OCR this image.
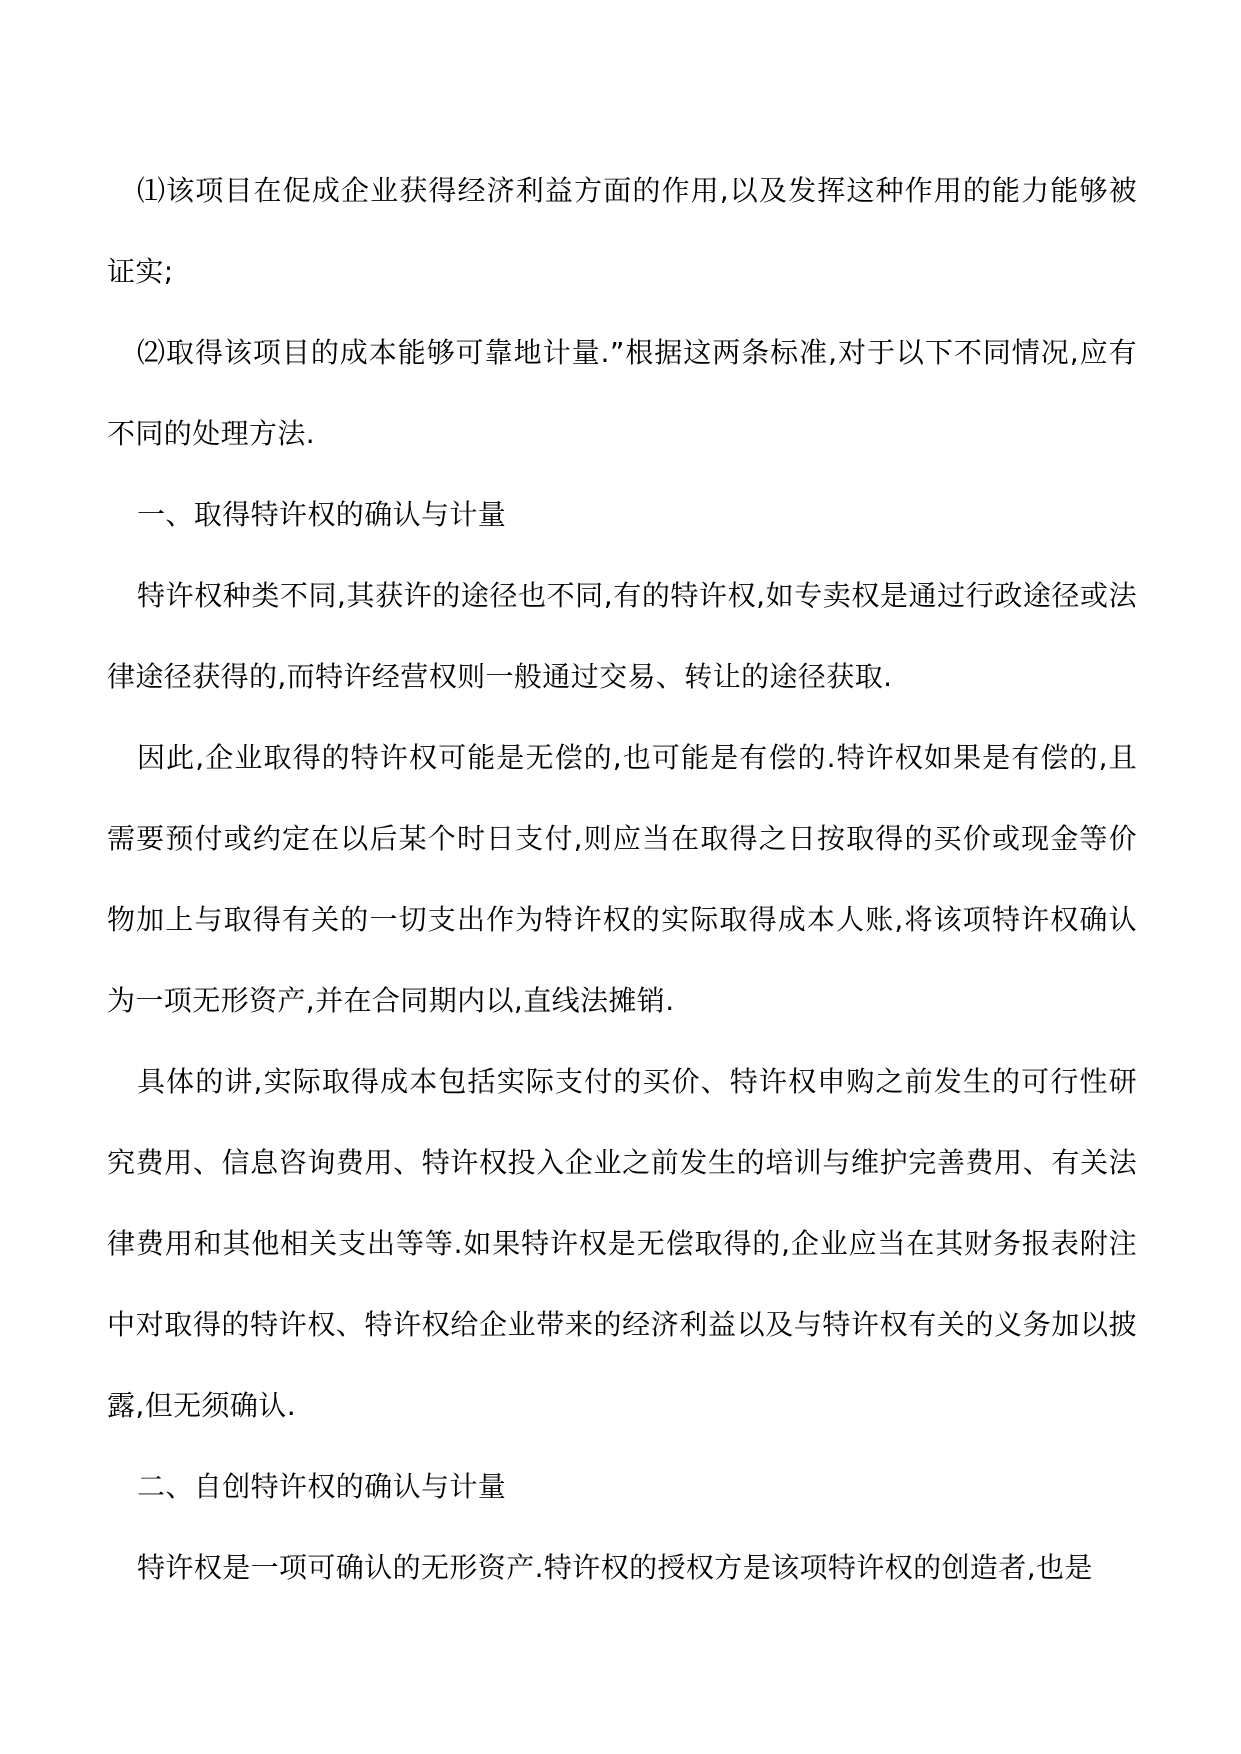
⑴该项目在促成企业获得经济利益方面的作用,以及发挥这种作用的能力能够被证实;

⑵取得该项目的成本能够可靠地计量.”根据这两条标准,对于以下不同情况,应有不同的处理方法.

一、取得特许权的确认与计量

特许权种类不同,其获许的途径也不同,有的特许权,如专卖权是通过行政途径或法律途径获得的,而特许经营权则一般通过交易、转让的途径获取.

因此,企业取得的特许权可能是无偿的,也可能是有偿的.特许权如果是有偿的,且需要预付或约定在以后某个时日支付,则应当在取得之日按取得的买价或现金等价物加上与取得有关的一切支出作为特许权的实际取得成本人账,将该项特许权确认为一项无形资产,并在合同期内以,直线法摊销.

具体的讲,实际取得成本包括实际支付的买价、特许权申购之前发生的可行性研究费用、信息咨询费用、特许权投入企业之前发生的培训与维护完善费用、有关法律费用和其他相关支出等等.如果特许权是无偿取得的,企业应当在其财务报表附注中对取得的特许权、特许权给企业带来的经济利益以及与特许权有关的义务加以披露,但无须确认.

二、自创特许权的确认与计量

特许权是一项可确认的无形资产.特许权的授权方是该项特许权的创造者,也是
